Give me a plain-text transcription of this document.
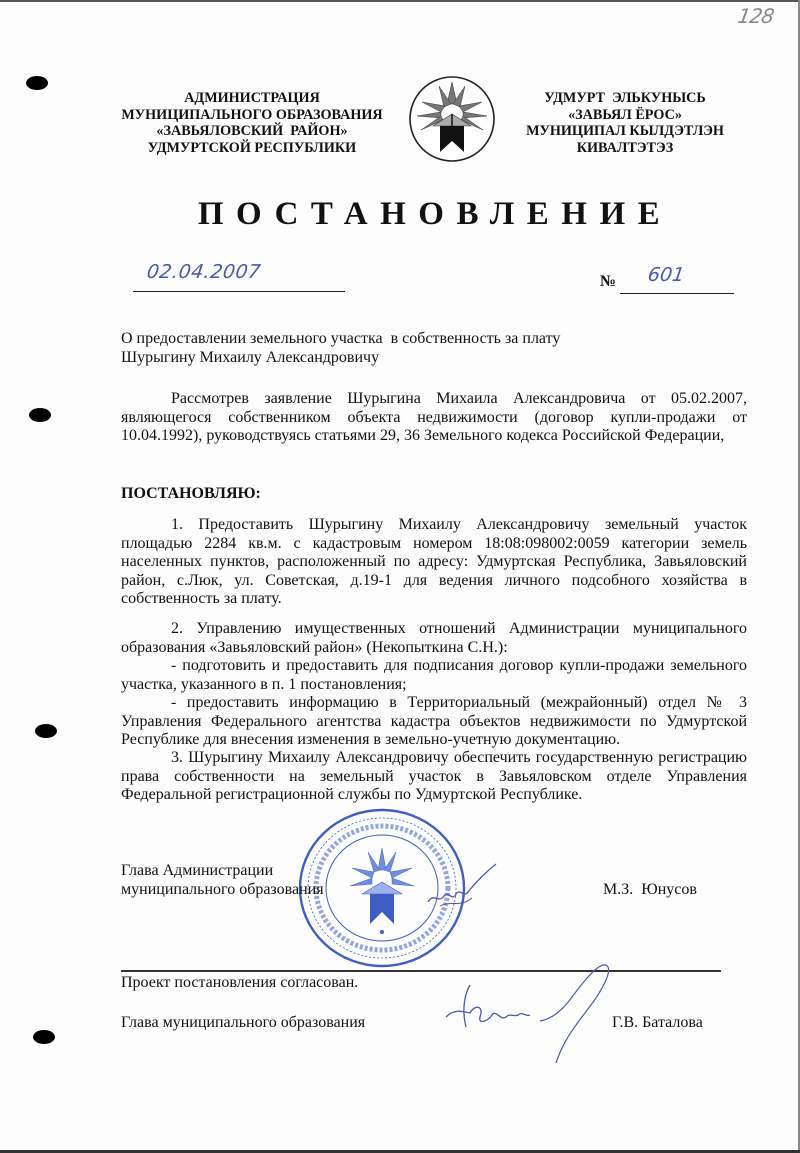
128
АДМИНИСТРАЦИЯ
МУНИЦИПАЛЬНОГО ОБРАЗОВАНИЯ
«ЗАВЬЯЛОВСКИЙ  РАЙОН»
УДМУРТСКОЙ РЕСПУБЛИКИ
УДМУРТ  ЭЛЬКУНЫСЬ
«ЗАВЬЯЛ ЁРОС»
МУНИЦИПАЛ КЫЛДЭТЛЭН
КИВАЛТЭТЭЗ
ПОСТАНОВЛЕНИЕ
02.04.2007	№ 601
О предоставлении земельного участка  в собственность за плату
Шурыгину Михаилу Александровичу
Рассмотрев заявление Шурыгина Михаила Александровича от 05.02.2007, являющегося собственником объекта недвижимости (договор купли-продажи от 10.04.1992), руководствуясь статьями 29, 36 Земельного кодекса Российской Федерации,
ПОСТАНОВЛЯЮ:
1. Предоставить Шурыгину Михаилу Александровичу земельный участок площадью 2284 кв.м. с кадастровым номером 18:08:098002:0059 категории земель населенных пунктов, расположенный по адресу: Удмуртская Республика, Завьяловский район, с.Люк, ул. Советская, д.19-1 для ведения личного подсобного хозяйства в собственность за плату.
2. Управлению имущественных отношений Администрации муниципального образования «Завьяловский район» (Некопыткина С.Н.):
- подготовить и предоставить для подписания договор купли-продажи земельного участка, указанного в п. 1 постановления;
- предоставить информацию в Территориальный (межрайонный) отдел № 3 Управления Федерального агентства кадастра объектов недвижимости по Удмуртской Республике для внесения изменения в земельно-учетную документацию.
3. Шурыгину Михаилу Александровичу обеспечить государственную регистрацию права собственности на земельный участок в Завьяловском отделе Управления Федеральной регистрационной службы по Удмуртской Республике.
Глава Администрации
муниципального образования	М.З.  Юнусов
Проект постановления согласован.
Глава муниципального образования	Г.В. Баталова
